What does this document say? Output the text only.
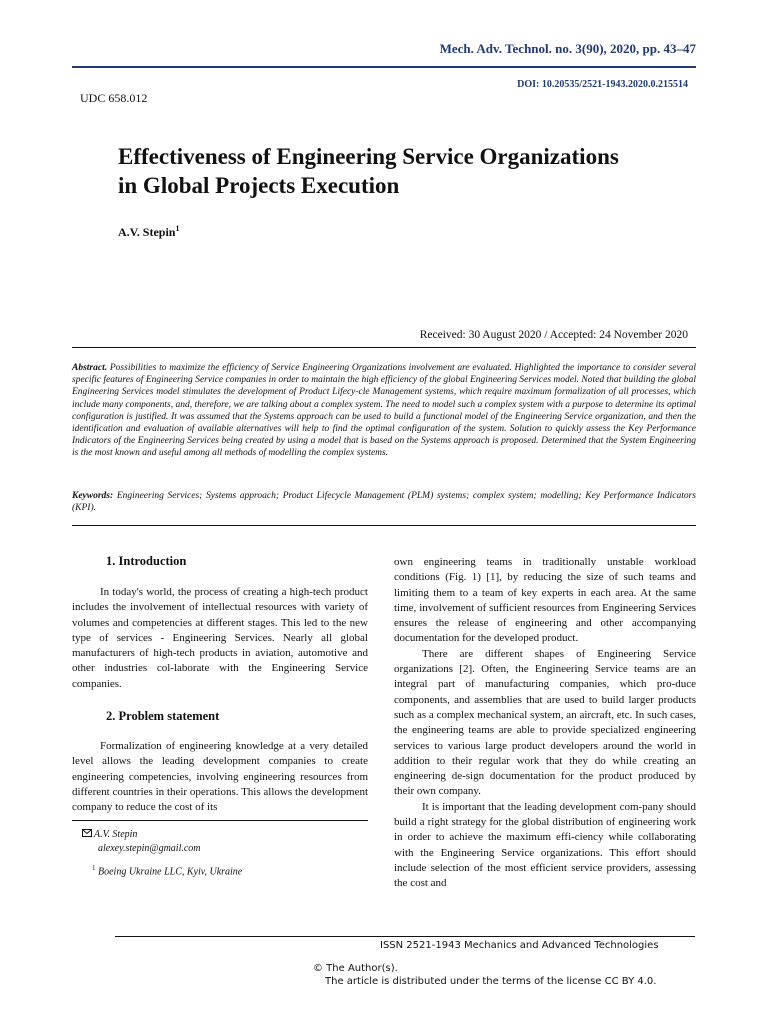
Mech. Adv. Technol. no. 3(90), 2020, pp. 43–47
DOI: 10.20535/2521-1943.2020.0.215514
UDC 658.012
Effectiveness of Engineering Service Organizations
in Global Projects Execution
A.V. Stepin$^1$
Received: 30 August 2020 / Accepted: 24 November 2020
Abstract. Possibilities to maximize the efficiency of Service Engineering Organizations involvement are evaluated. Highlighted the importance to consider several specific features of Engineering Service companies in order to maintain the high efficiency of the global Engineering Services model. Noted that building the global Engineering Services model stimulates the development of Product Lifecy-cle Management systems, which require maximum formalization of all processes, which include many components, and, therefore, we are talking about a complex system. The need to model such a complex system with a purpose to determine its optimal configuration is justified. It was assumed that the Systems approach can be used to build a functional model of the Engineering Service organization, and then the identification and evaluation of available alternatives will help to find the optimal configuration of the system. Solution to quickly assess the Key Performance Indicators of the Engineering Services being created by using a model that is based on the Systems approach is proposed. Determined that the System Engineering is the most known and useful among all methods of modelling the complex systems.
Keywords: Engineering Services; Systems approach; Product Lifecycle Management (PLM) systems; complex system; modelling; Key Performance Indicators (KPI).
1. Introduction

In today's world, the process of creating a high-tech product includes the involvement of intellectual resources with variety of volumes and competencies at different stages. This led to the new type of services - Engineering Services. Nearly all global manufacturers of high-tech products in aviation, automotive and other industries col-laborate with the Engineering Service companies.

2. Problem statement

Formalization of engineering knowledge at a very detailed level allows the leading development companies to create engineering competencies, involving engineering resources from different countries in their operations. This allows the development company to reduce the cost of its

own engineering teams in traditionally unstable workload conditions (Fig. 1) [1], by reducing the size of such teams and limiting them to a team of key experts in each area. At the same time, involvement of sufficient resources from Engineering Services ensures the release of engineering and other accompanying documentation for the developed product.

There are different shapes of Engineering Service organizations [2]. Often, the Engineering Service teams are an integral part of manufacturing companies, which pro-duce components, and assemblies that are used to build larger products such as a complex mechanical system, an aircraft, etc. In such cases, the engineering teams are able to provide specialized engineering services to various large product developers around the world in addition to their regular work that they do while creating an engineering de-sign documentation for the product produced by their own company.

It is important that the leading development com-pany should build a right strategy for the global distribution of engineering work in order to achieve the maximum effi-ciency while collaborating with the Engineering Service organizations. This effort should include selection of the most efficient service providers, assessing the cost and

A.V. Stepin
alexey.stepin@gmail.com
$^1$ Boeing Ukraine LLC, Kyiv, Ukraine
ISSN 2521-1943 Mechanics and Advanced Technologies
© The Author(s).
The article is distributed under the terms of the license CC BY 4.0.
